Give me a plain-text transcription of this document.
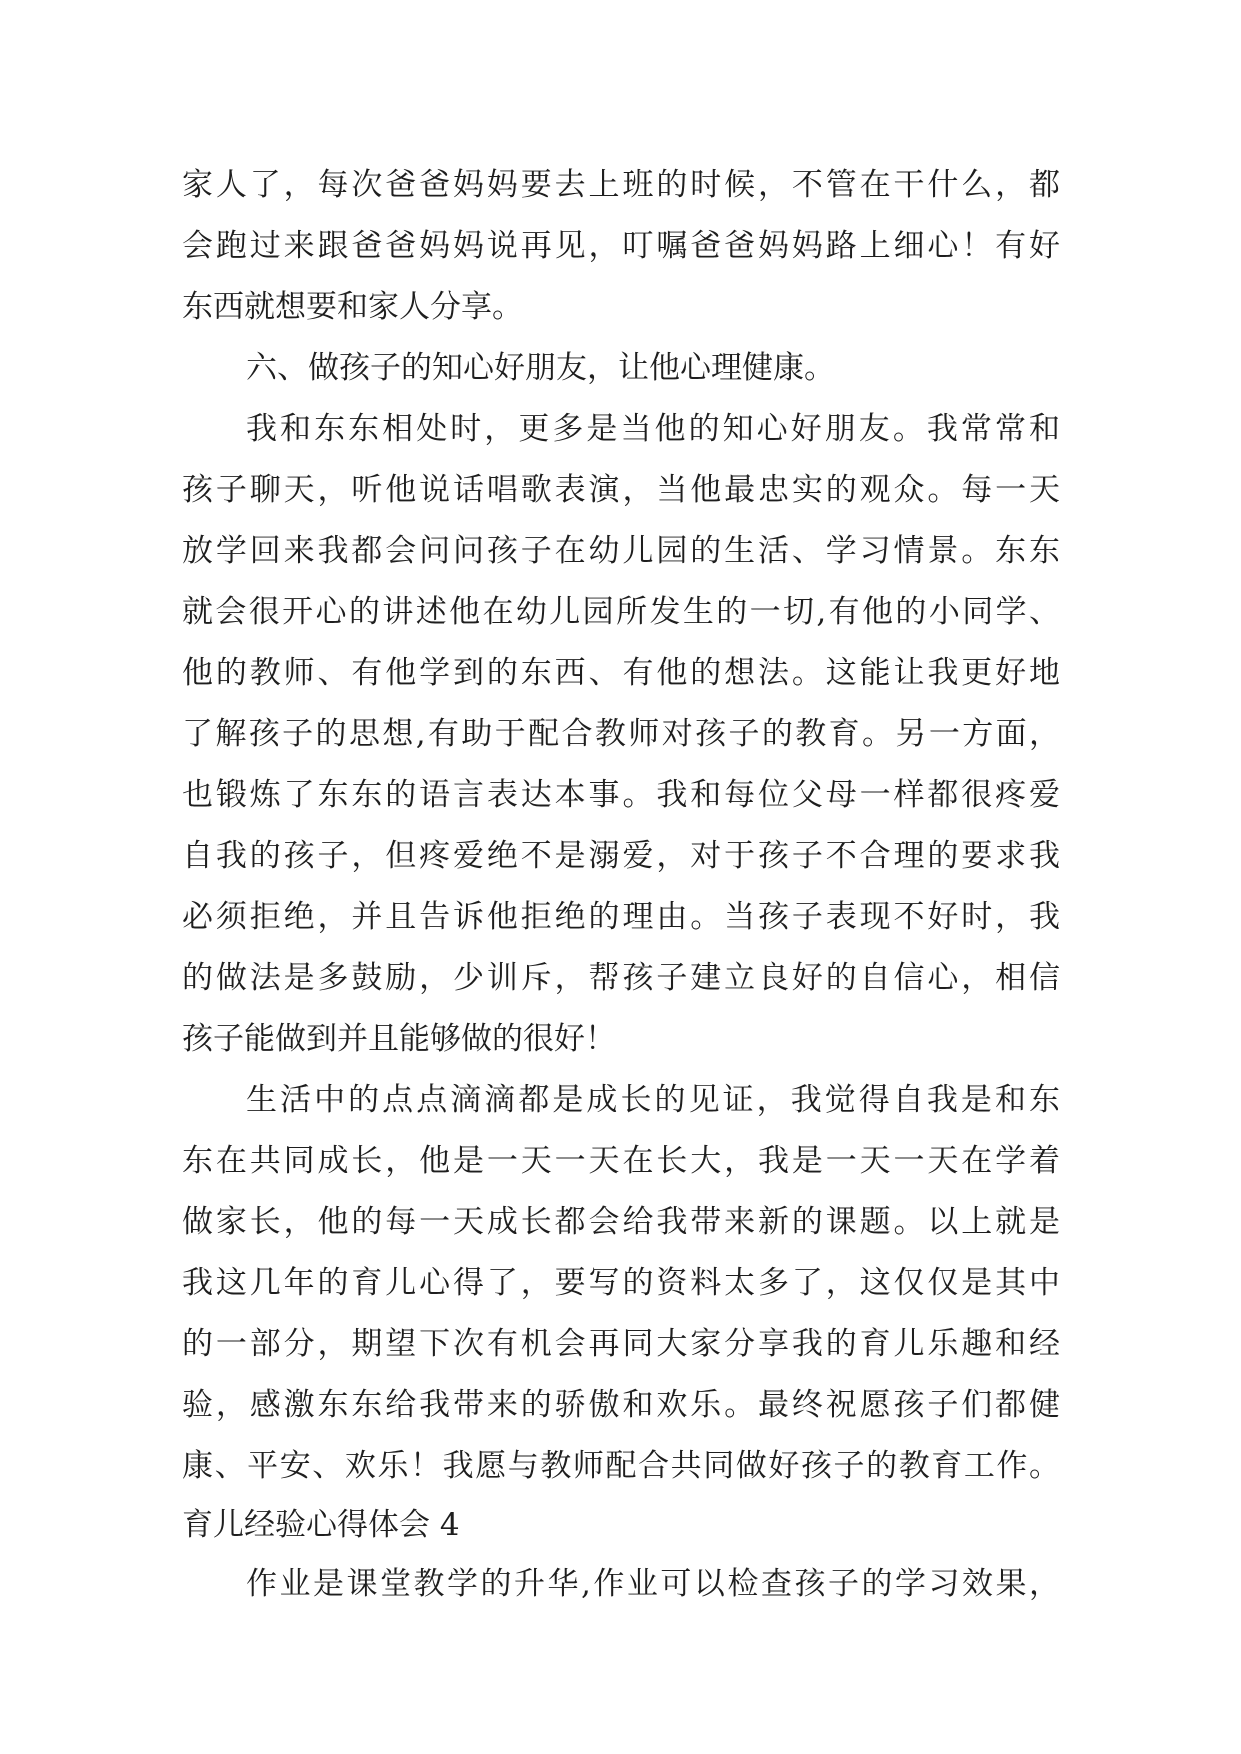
家人了，每次爸爸妈妈要去上班的时候，不管在干什么，都
会跑过来跟爸爸妈妈说再见，叮嘱爸爸妈妈路上细心！有好
东西就想要和家人分享。
六、做孩子的知心好朋友，让他心理健康。
我和东东相处时，更多是当他的知心好朋友。我常常和
孩子聊天，听他说话唱歌表演，当他最忠实的观众。每一天
放学回来我都会问问孩子在幼儿园的生活、学习情景。东东
就会很开心的讲述他在幼儿园所发生的一切,有他的小同学、
他的教师、有他学到的东西、有他的想法。这能让我更好地
了解孩子的思想,有助于配合教师对孩子的教育。另一方面，
也锻炼了东东的语言表达本事。我和每位父母一样都很疼爱
自我的孩子，但疼爱绝不是溺爱，对于孩子不合理的要求我
必须拒绝，并且告诉他拒绝的理由。当孩子表现不好时，我
的做法是多鼓励，少训斥，帮孩子建立良好的自信心，相信
孩子能做到并且能够做的很好！
生活中的点点滴滴都是成长的见证，我觉得自我是和东
东在共同成长，他是一天一天在长大，我是一天一天在学着
做家长，他的每一天成长都会给我带来新的课题。以上就是
我这几年的育儿心得了，要写的资料太多了，这仅仅是其中
的一部分，期望下次有机会再同大家分享我的育儿乐趣和经
验，感激东东给我带来的骄傲和欢乐。最终祝愿孩子们都健
康、平安、欢乐！我愿与教师配合共同做好孩子的教育工作。
育儿经验心得体会 4
作业是课堂教学的升华,作业可以检查孩子的学习效果，
